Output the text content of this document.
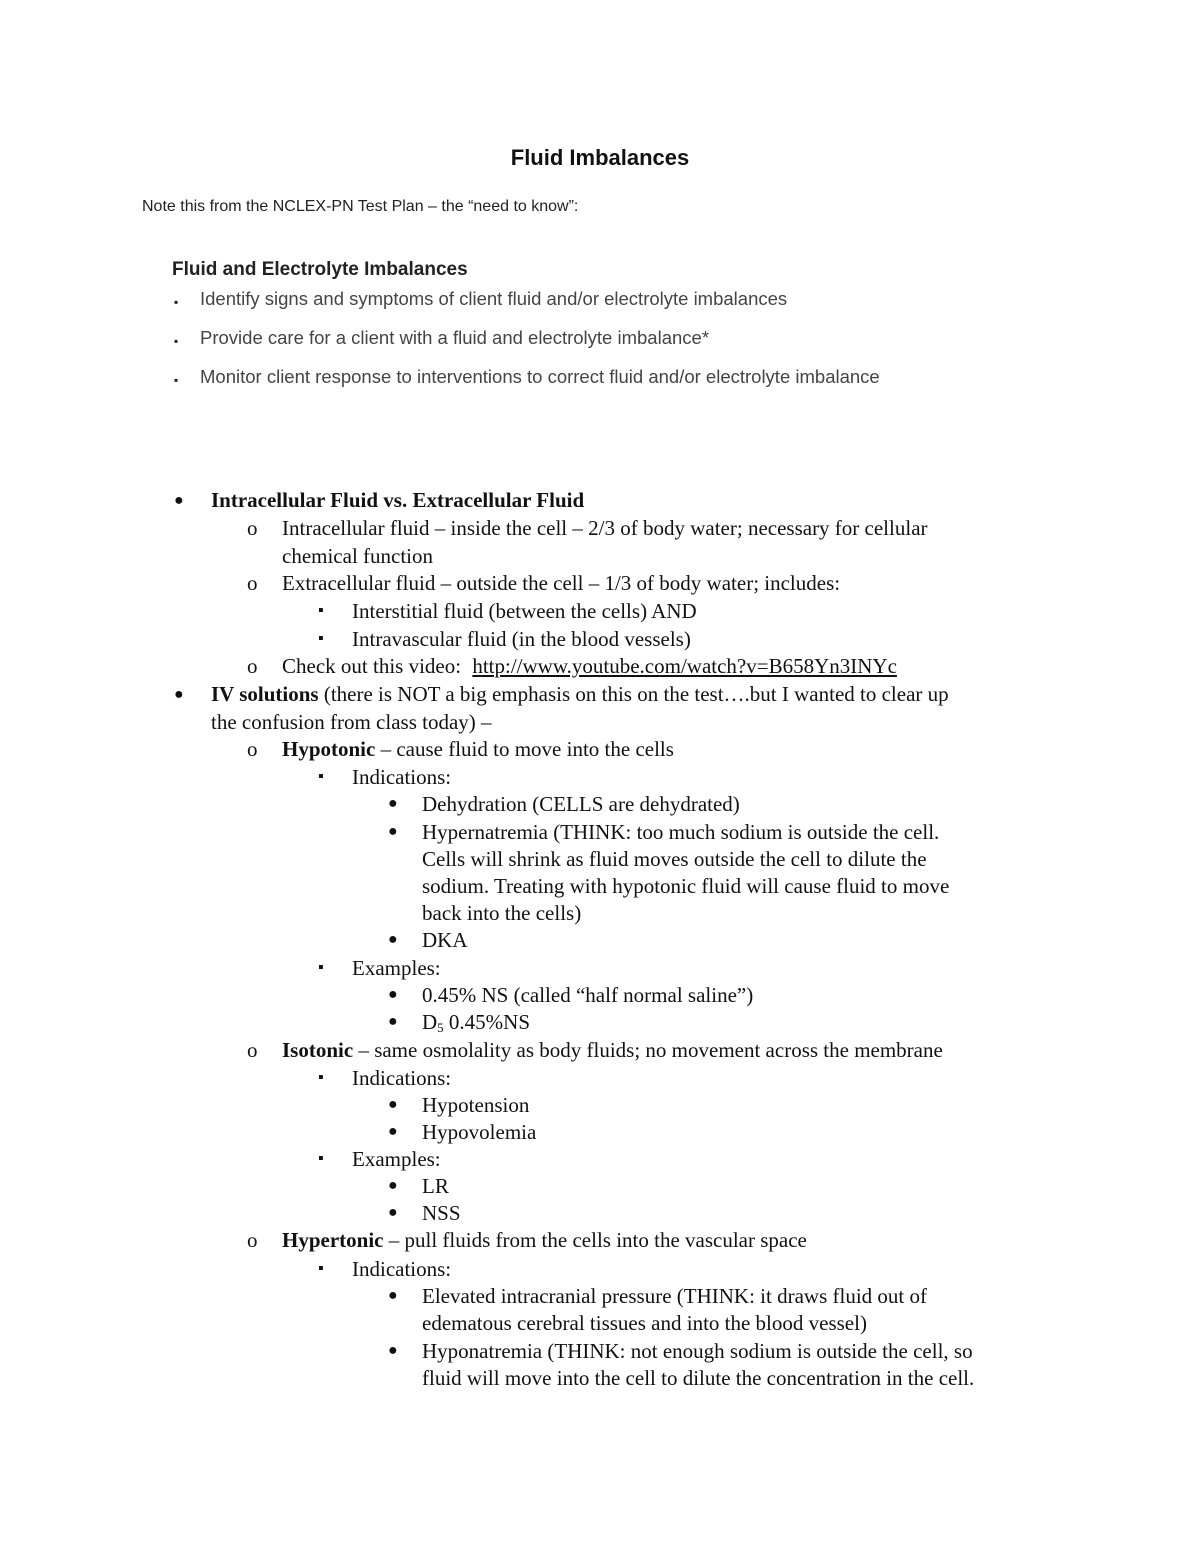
Fluid Imbalances
Note this from the NCLEX-PN Test Plan – the “need to know”:
Fluid and Electrolyte Imbalances
▪ Identify signs and symptoms of client fluid and/or electrolyte imbalances
▪ Provide care for a client with a fluid and electrolyte imbalance*
▪ Monitor client response to interventions to correct fluid and/or electrolyte imbalance
● Intracellular Fluid vs. Extracellular Fluid
o Intracellular fluid – inside the cell – 2/3 of body water; necessary for cellular
chemical function
o Extracellular fluid – outside the cell – 1/3 of body water; includes:
▪ Interstitial fluid (between the cells) AND
▪ Intravascular fluid (in the blood vessels)
o Check out this video: http://www.youtube.com/watch?v=B658Yn3INYc
● IV solutions (there is NOT a big emphasis on this on the test….but I wanted to clear up
the confusion from class today) –
o Hypotonic – cause fluid to move into the cells
▪ Indications:
● Dehydration (CELLS are dehydrated)
● Hypernatremia (THINK: too much sodium is outside the cell.
Cells will shrink as fluid moves outside the cell to dilute the
sodium. Treating with hypotonic fluid will cause fluid to move
back into the cells)
● DKA
▪ Examples:
● 0.45% NS (called “half normal saline”)
● $D_5$ 0.45%NS
o Isotonic – same osmolality as body fluids; no movement across the membrane
▪ Indications:
● Hypotension
● Hypovolemia
▪ Examples:
● LR
● NSS
o Hypertonic – pull fluids from the cells into the vascular space
▪ Indications:
● Elevated intracranial pressure (THINK: it draws fluid out of
edematous cerebral tissues and into the blood vessel)
● Hyponatremia (THINK: not enough sodium is outside the cell, so
fluid will move into the cell to dilute the concentration in the cell.
